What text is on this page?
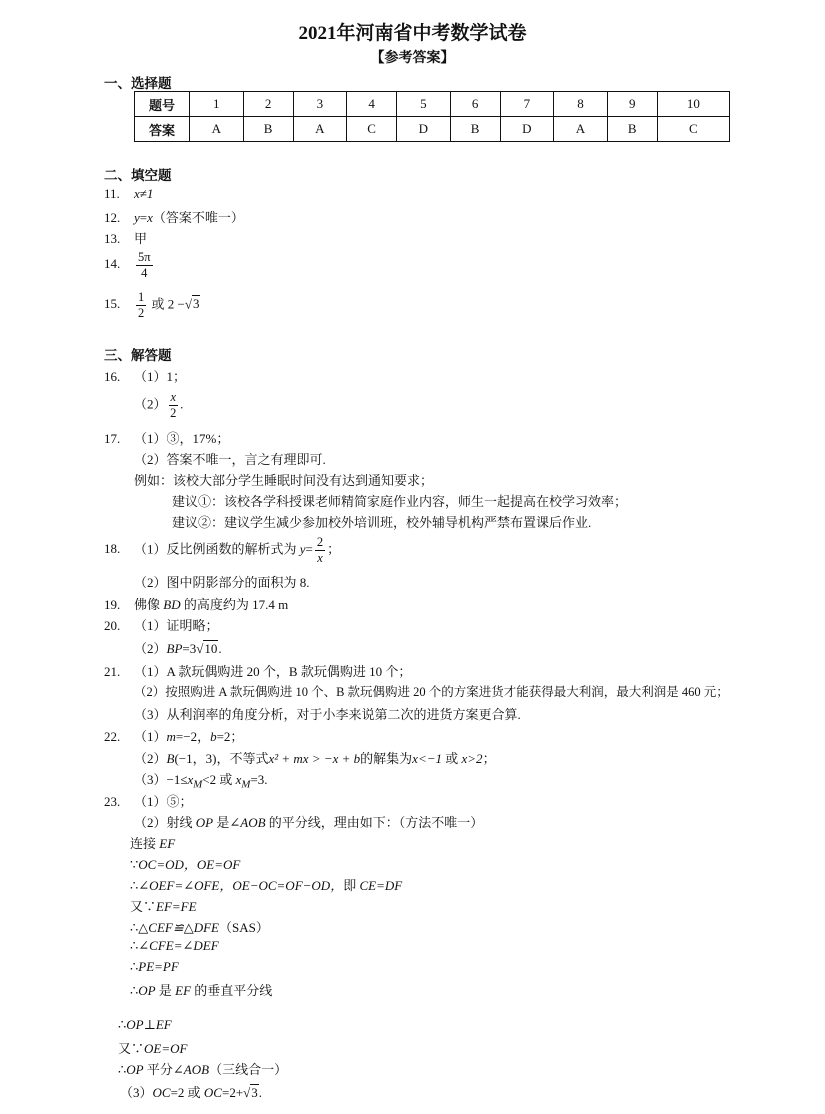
2021年河南省中考数学试卷
【参考答案】
一、选择题
题号	1	2	3	4	5	6	7	8	9	10
答案	A	B	A	C	D	B	D	A	B	C
二、填空题
11. x≠1
12. y=x（答案不唯一）
13. 甲
14. $\frac{5\pi}{4}$
15. $\frac{1}{2}$ 或 2 −√3
三、解答题
16. （1）1；
$(2) \frac{x}{2}$ .
17. （1）③，17%；
（2）答案不唯一，言之有理即可.
例如：该校大部分学生睡眠时间没有达到通知要求；
建议①：该校各学科授课老师精简家庭作业内容，师生一起提高在校学习效率；
建议②：建议学生减少参加校外培训班，校外辅导机构严禁布置课后作业.
18. （1）反比例函数的解析式为 $y= \frac{2}{x}$ ；
（2）图中阴影部分的面积为 8.
19. 佛像 BD 的高度约为 17.4 m
20. （1）证明略；
（2）BP=3√10.
21. （1）A 款玩偶购进 20 个，B 款玩偶购进 10 个；
（2）按照购进 A 款玩偶购进 10 个、B 款玩偶购进 20 个的方案进货才能获得最大利润，最大利润是 460 元；
（3）从利润率的角度分析，对于小李来说第二次的进货方案更合算.
22. （1）m=−2，b=2；
（2）B(−1，3)，不等式x² + mx > −x + b的解集为x<−1 或 x>2；
$(3)-1\le x_M<2$ 或 $x_M=3$.
23. （1）⑤；
（2）射线 OP 是∠AOB 的平分线，理由如下：（方法不唯一）
连接 EF
∵OC=OD，OE=OF
∴∠OEF=∠OFE，OE−OC=OF−OD，即 CE=DF
又∵EF=FE
∴△CEF≌△DFE（SAS）
∴∠CFE=∠DEF
∴PE=PF
∴OP 是 EF 的垂直平分线
∴OP⊥EF
又∵OE=OF
∴OP 平分∠AOB（三线合一）
（3）OC=2 或 OC=2+√3.
